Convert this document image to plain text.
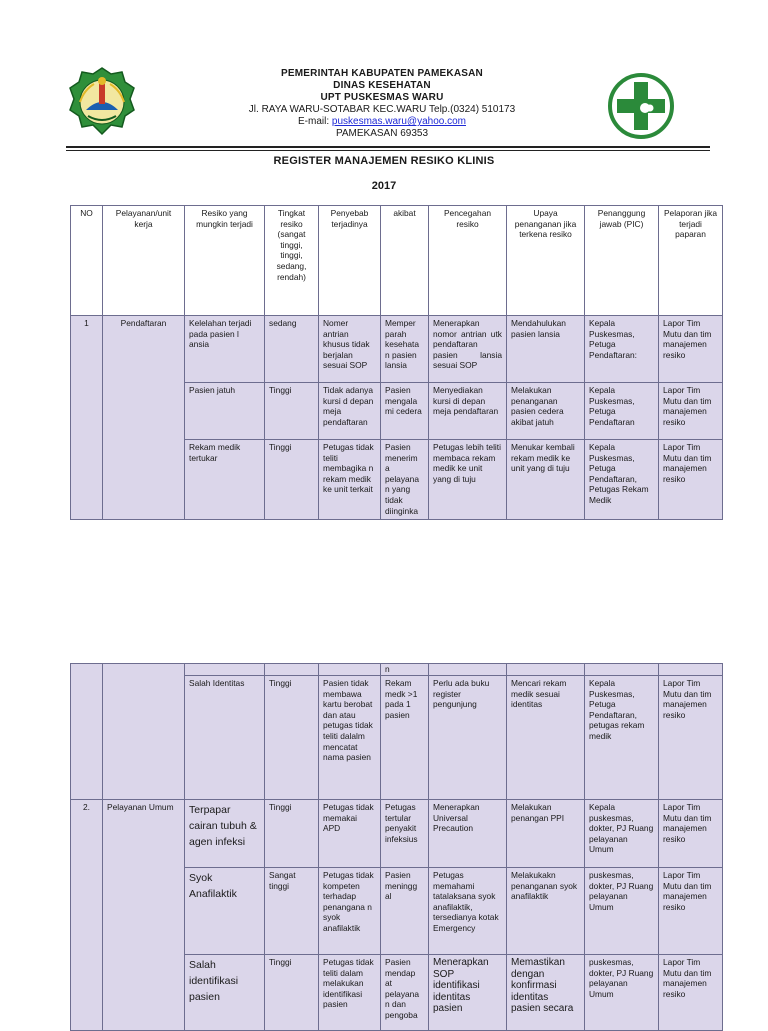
PEMERINTAH KABUPATEN PAMEKASAN
DINAS KESEHATAN
UPT PUSKESMAS WARU
Jl. RAYA WARU-SOTABAR KEC.WARU Telp.(0324) 510173
E-mail: puskesmas.waru@yahoo.com
PAMEKASAN 69353
REGISTER MANAJEMEN RESIKO KLINIS
2017
NO	Pelayanan/unit kerja	Resiko yang mungkin terjadi	Tingkat resiko (sangat tinggi, tinggi, sedang, rendah)	Penyebab terjadinya	akibat	Pencegahan resiko	Upaya penanganan jika terkena resiko	Penanggung jawab (PIC)	Pelaporan jika terjadi paparan
1	Pendaftaran	Kelelahan terjadi pada pasien l ansia	sedang	Nomer antrian khusus tidak berjalan sesuai SOP	Memper parah kesehata n pasien lansia	Menerapkan nomor antrian utk pendaftaran pasien lansia sesuai SOP	Mendahulukan pasien lansia	Kepala Puskesmas, Petuga Pendaftaran:	Lapor Tim Mutu dan tim manajemen resiko
		Pasien jatuh	Tinggi	Tidak adanya kursi d depan meja pendaftaran	Pasien mengala mi cedera	Menyediakan kursi di depan meja pendaftaran	Melakukan penanganan pasien cedera akibat jatuh	Kepala Puskesmas, Petuga Pendaftaran	Lapor Tim Mutu dan tim manajemen resiko
		Rekam medik tertukar	Tinggi	Petugas tidak teliti membagika n rekam medik ke unit terkait	Pasien menerim a pelayana n yang tidak diinginka	Petugas lebih teliti membaca rekam medik ke unit yang di tuju	Menukar kembali rekam medik ke unit yang di tuju	Kepala Puskesmas, Petuga Pendaftaran, Petugas Rekam Medik	Lapor Tim Mutu dan tim manajemen resiko
					n				
		Salah Identitas	Tinggi	Pasien tidak membawa kartu berobat dan atau petugas tidak teliti dalalm mencatat nama pasien	Rekam medk >1 pada 1 pasien	Perlu ada buku register pengunjung	Mencari rekam medik sesuai identitas	Kepala Puskesmas, Petuga Pendaftaran, petugas rekam medik	Lapor Tim Mutu dan tim manajemen resiko
2.	Pelayanan Umum	Terpapar cairan tubuh & agen infeksi	Tinggi	Petugas tidak memakai APD	Petugas tertular penyakit infeksius	Menerapkan Universal Precaution	Melakukan penangan PPI	Kepala puskesmas, dokter, PJ Ruang pelayanan Umum	Lapor Tim Mutu dan tim manajemen resiko
		Syok Anafilaktik	Sangat tinggi	Petugas tidak kompeten terhadap penangana n syok anafilaktik	Pasien meningg al	Petugas memahami tatalaksana syok anafilaktik, tersedianya kotak Emergency	Melakukakn penanganan syok anafilaktik	puskesmas, dokter, PJ Ruang pelayanan Umum	Lapor Tim Mutu dan tim manajemen resiko
		Salah identifikasi pasien	Tinggi	Petugas tidak teliti dalam melakukan identifikasi pasien	Pasien mendap at pelayana n dan pengoba	Menerapkan SOP identifikasi identitas pasien	Memastikan dengan konfirmasi identitas pasien secara	puskesmas, dokter, PJ Ruang pelayanan Umum	Lapor Tim Mutu dan tim manajemen resiko
